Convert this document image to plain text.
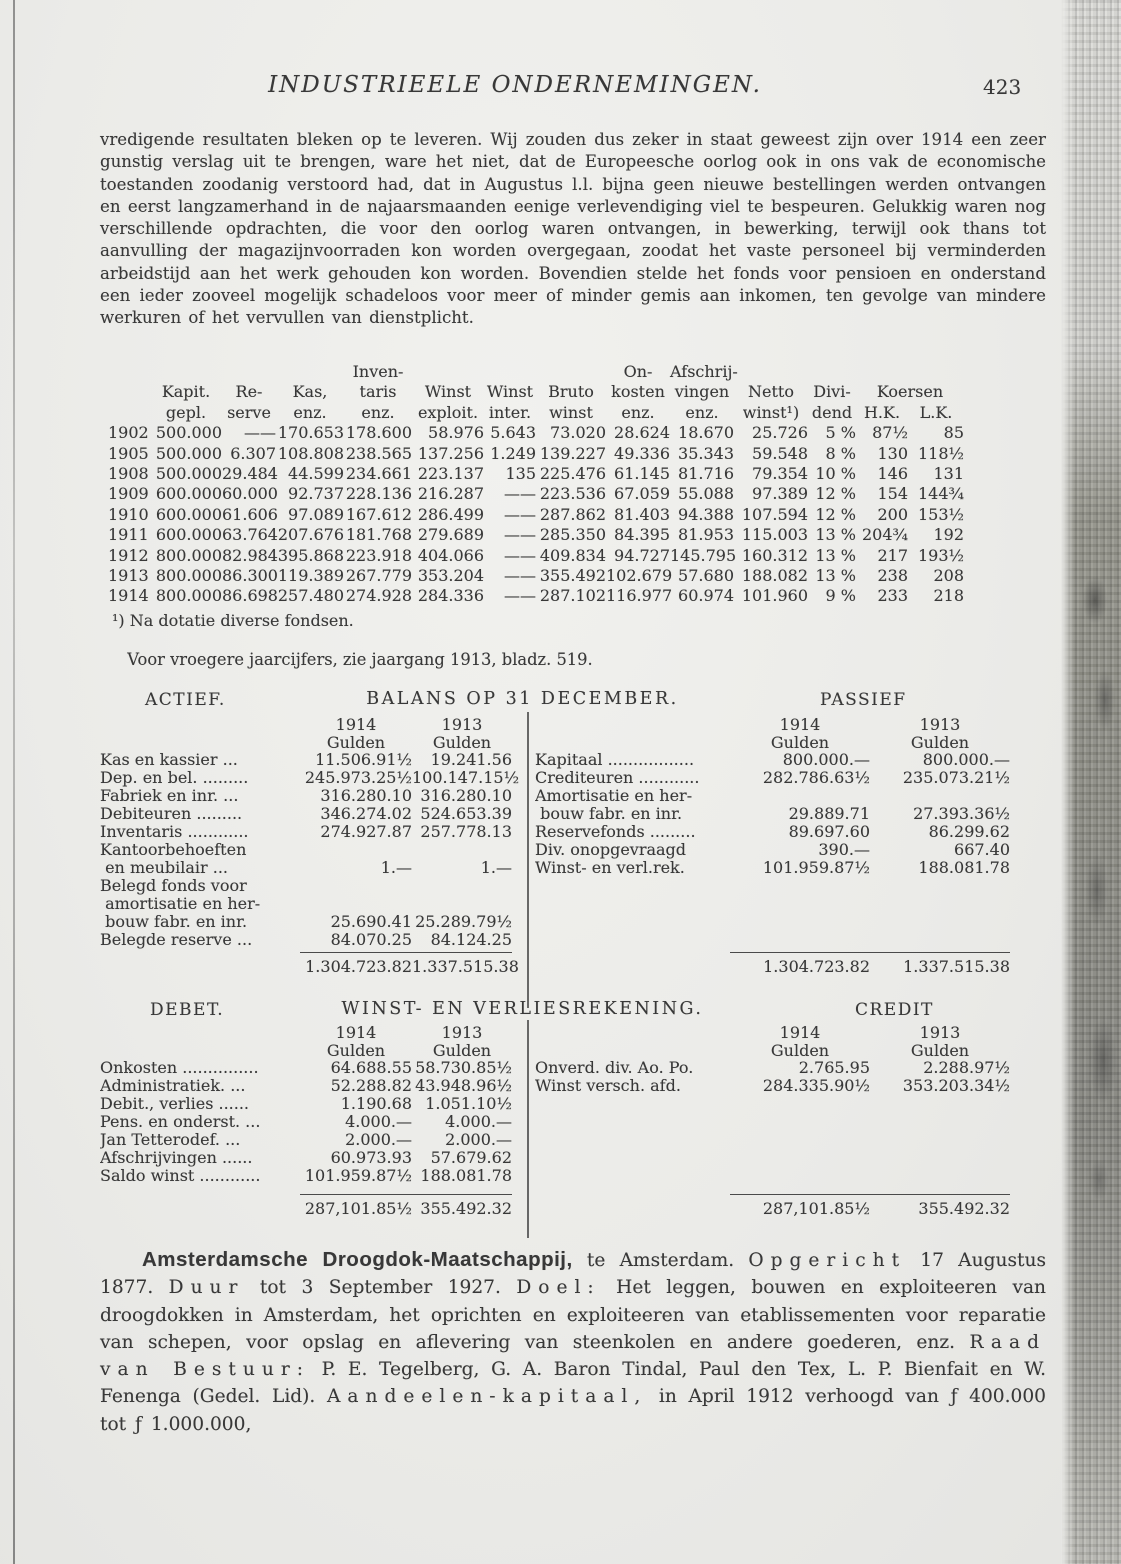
INDUSTRIEELE ONDERNEMINGEN.	423

vredigende resultaten bleken op te leveren. Wij zouden dus zeker in staat geweest zijn over 1914 een zeer gunstig verslag uit te brengen, ware het niet, dat de Europeesche oorlog ook in ons vak de economische toestanden zoodanig verstoord had, dat in Augustus l.l. bijna geen nieuwe bestellingen werden ontvangen en eerst langzamerhand in de najaarsmaanden eenige verlevendiging viel te bespeuren. Gelukkig waren nog verschillende opdrachten, die voor den oorlog waren ontvangen, in bewerking, terwijl ook thans tot aanvulling der magazijnvoorraden kon worden overgegaan, zoodat het vaste personeel bij verminderden arbeidstijd aan het werk gehouden kon worden. Bovendien stelde het fonds voor pensioen en onderstand een ieder zooveel mogelijk schadeloos voor meer of minder gemis aan inkomen, ten gevolge van mindere werkuren of het vervullen van dienstplicht.

				Inven-				On-	Afschrij-				
	Kapit.	Re-	Kas,	taris	Winst	Winst	Bruto	kosten	vingen	Netto	Divi-	Koersen	
	gepl.	serve	enz.	enz.	exploit.	inter.	winst	enz.	enz.	winst¹)	dend	H.K.	L.K.
1902	500.000	——	170.653	178.600	58.976	5.643	73.020	28.624	18.670	25.726	5 %	87½	85
1905	500.000	6.307	108.808	238.565	137.256	1.249	139.227	49.336	35.343	59.548	8 %	130	118½
1908	500.000	29.484	44.599	234.661	223.137	135	225.476	61.145	81.716	79.354	10 %	146	131
1909	600.000	60.000	92.737	228.136	216.287	——	223.536	67.059	55.088	97.389	12 %	154	144¾
1910	600.000	61.606	97.089	167.612	286.499	——	287.862	81.403	94.388	107.594	12 %	200	153½
1911	600.000	63.764	207.676	181.768	279.689	——	285.350	84.395	81.953	115.003	13 %	204¾	192
1912	800.000	82.984	395.868	223.918	404.066	——	409.834	94.727	145.795	160.312	13 %	217	193½
1913	800.000	86.300	119.389	267.779	353.204	——	355.492	102.679	57.680	188.082	13 %	238	208
1914	800.000	86.698	257.480	274.928	284.336	——	287.102	116.977	60.974	101.960	9 %	233	218

¹) Na dotatie diverse fondsen.

Voor vroegere jaarcijfers, zie jaargang 1913, bladz. 519.

ACTIEF.	BALANS OP 31 DECEMBER.	PASSIEF
1914	1913
Gulden	Gulden
Kas en kassier ...	11.506.91½	19.241.56
Dep. en bel. .........	245.973.25½ 100.147.15½
Fabriek en inr. ...	316.280.10 316.280.10
Debiteuren .........	346.274.02 524.653.39
Inventaris ............	274.927.87 257.778.13
Kantoorbehoeften
en meubilair ...	1.—	1.—
Belegd fonds voor
amortisatie en her-
bouw fabr. en inr.	25.690.41 25.289.79½
Belegde reserve ...	84.070.25	84.124.25
1914	1913
Gulden	Gulden
Kapitaal .................	800.000.—	800.000.—
Crediteuren ............	282.786.63½	235.073.21½
Amortisatie en her-
bouw fabr. en inr.	29.889.71	27.393.36½
Reservefonds .........	89.697.60	86.299.62
Div. onopgevraagd	390.—	667.40
Winst- en verl.rek.	101.959.87½	188.081.78
1.304.723.82 1.337.515.38	1.304.723.82	1.337.515.38
DEBET.	WINST- EN VERLIESREKENING.	CREDIT
1914	1913
Gulden	Gulden
Onkosten ...............	64.688.55 58.730.85½
Administratiek. ...	52.288.82 43.948.96½
Debit., verlies ......	1.190.68 1.051.10½
Pens. en onderst. ...	4.000.—	4.000.—
Jan Tetterodef. ...	2.000.—	2.000.—
Afschrijvingen ......	60.973.93	57.679.62
Saldo winst ............	101.959.87½ 188.081.78
1914	1913
Gulden	Gulden
Onverd. div. Ao. Po.	2.765.95	2.288.97½
Winst versch. afd.	284.335.90½	353.203.34½
287,101.85½ 355.492.32	287,101.85½	355.492.32

Amsterdamsche Droogdok-Maatschappij, te Amsterdam. Opgericht 17 Augustus 1877. Duur tot 3 September 1927. Doel: Het leggen, bouwen en exploiteeren van droogdokken in Amsterdam, het oprichten en exploiteeren van etablissementen voor reparatie van schepen, voor opslag en aflevering van steenkolen en andere goederen, enz. Raad van Bestuur: P. E. Tegelberg, G. A. Baron Tindal, Paul den Tex, L. P. Bienfait en W. Fenenga (Gedel. Lid). Aandeelen-kapitaal, in April 1912 verhoogd van ƒ 400.000 tot ƒ 1.000.000,
